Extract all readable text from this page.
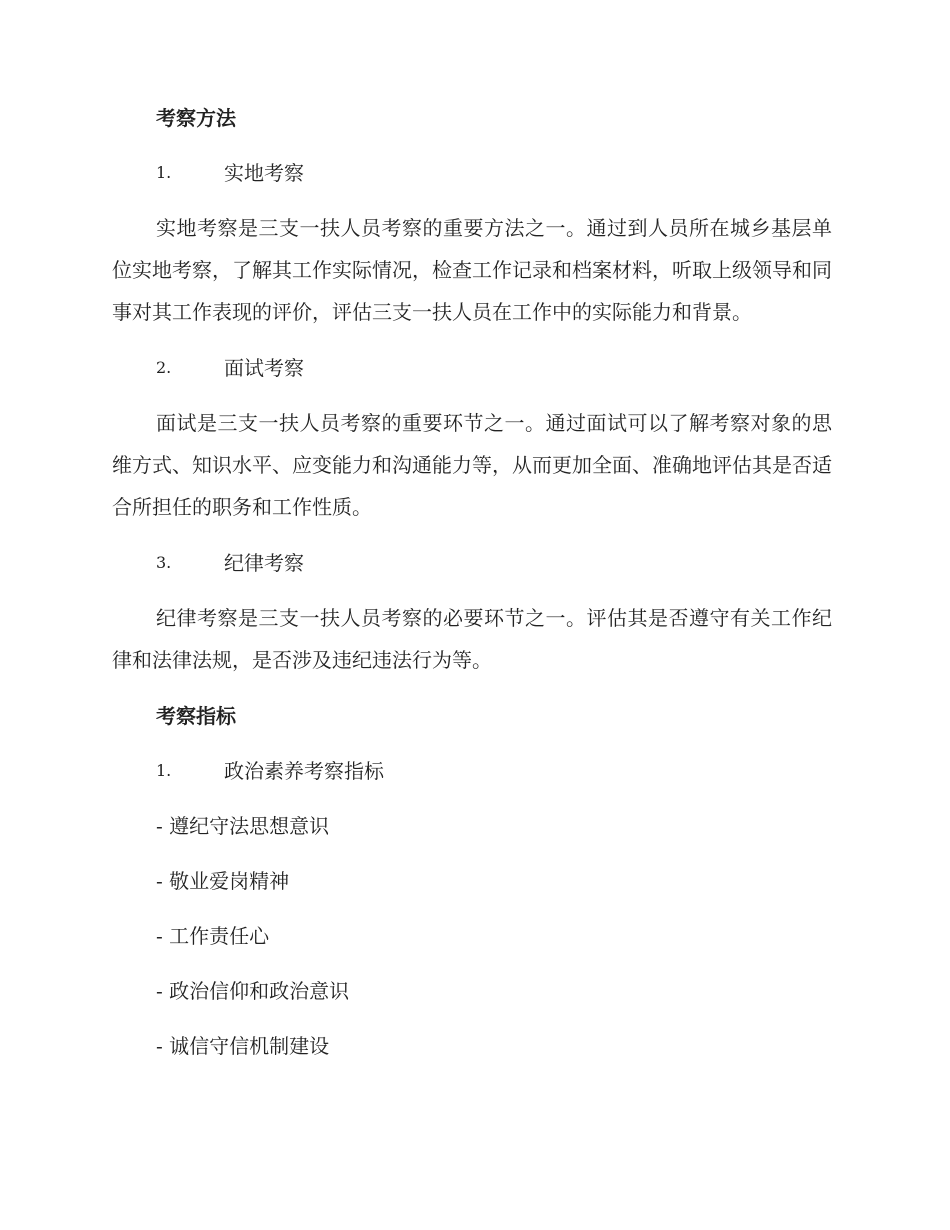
考察方法
1.	实地考察

实地考察是三支一扶人员考察的重要方法之一。通过到人员所在城乡基层单位实地考察，了解其工作实际情况，检查工作记录和档案材料，听取上级领导和同事对其工作表现的评价，评估三支一扶人员在工作中的实际能力和背景。

2.	面试考察

面试是三支一扶人员考察的重要环节之一。通过面试可以了解考察对象的思维方式、知识水平、应变能力和沟通能力等，从而更加全面、准确地评估其是否适合所担任的职务和工作性质。

3.	纪律考察

纪律考察是三支一扶人员考察的必要环节之一。评估其是否遵守有关工作纪律和法律法规，是否涉及违纪违法行为等。

考察指标
1.	政治素养考察指标
- 遵纪守法思想意识
- 敬业爱岗精神
- 工作责任心
- 政治信仰和政治意识
- 诚信守信机制建设
